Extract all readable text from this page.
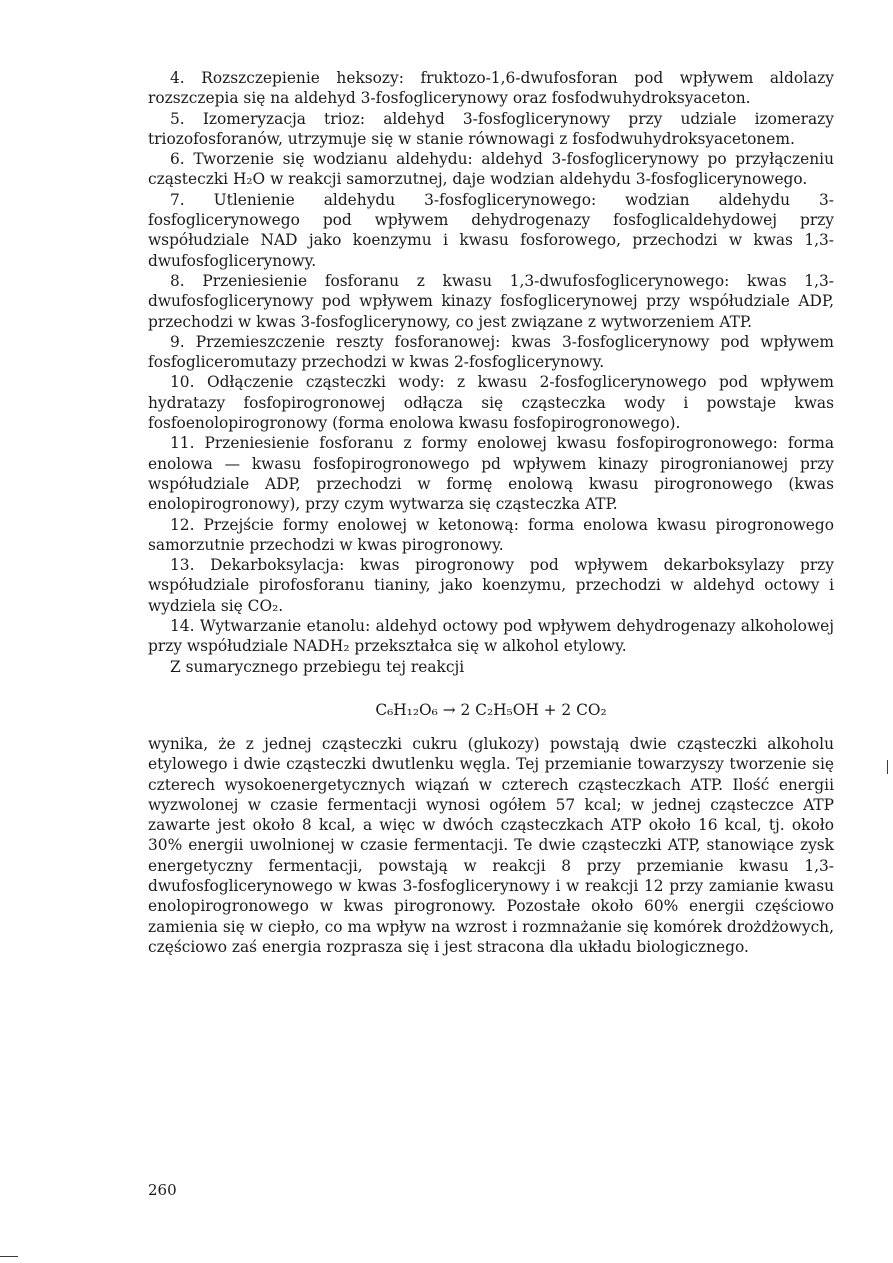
4. Rozszczepienie heksozy: fruktozo-1,6-dwufosforan pod wpływem aldolazy rozszczepia się na aldehyd 3-fosfoglicerynowy oraz fosfodwuhydroksyaceton.

5. Izomeryzacja trioz: aldehyd 3-fosfoglicerynowy przy udziale izomerazy triozofosforanów, utrzymuje się w stanie równowagi z fosfodwuhydroksyacetonem.

6. Tworzenie się wodzianu aldehydu: aldehyd 3-fosfoglicerynowy po przyłączeniu cząsteczki H₂O w reakcji samorzutnej, daje wodzian aldehydu 3-fosfoglicerynowego.

7. Utlenienie aldehydu 3-fosfoglicerynowego: wodzian aldehydu 3-fosfoglicerynowego pod wpływem dehydrogenazy fosfoglicaldehydowej przy współudziale NAD jako koenzymu i kwasu fosforowego, przechodzi w kwas 1,3-dwufosfoglicerynowy.

8. Przeniesienie fosforanu z kwasu 1,3-dwufosfoglicerynowego: kwas 1,3-dwufosfoglicerynowy pod wpływem kinazy fosfoglicerynowej przy współudziale ADP, przechodzi w kwas 3-fosfoglicerynowy, co jest związane z wytworzeniem ATP.

9. Przemieszczenie reszty fosforanowej: kwas 3-fosfoglicerynowy pod wpływem fosfogliceromutazy przechodzi w kwas 2-fosfoglicerynowy.

10. Odłączenie cząsteczki wody: z kwasu 2-fosfoglicerynowego pod wpływem hydratazy fosfopirogronowej odłącza się cząsteczka wody i powstaje kwas fosfoenolopirogronowy (forma enolowa kwasu fosfopirogronowego).

11. Przeniesienie fosforanu z formy enolowej kwasu fosfopirogronowego: forma enolowa — kwasu fosfopirogronowego pd wpływem kinazy pirogronianowej przy współudziale ADP, przechodzi w formę enolową kwasu pirogronowego (kwas enolopirogronowy), przy czym wytwarza się cząsteczka ATP.

12. Przejście formy enolowej w ketonową: forma enolowa kwasu pirogronowego samorzutnie przechodzi w kwas pirogronowy.

13. Dekarboksylacja: kwas pirogronowy pod wpływem dekarboksylazy przy współudziale pirofosforanu tianiny, jako koenzymu, przechodzi w aldehyd octowy i wydziela się CO₂.

14. Wytwarzanie etanolu: aldehyd octowy pod wpływem dehydrogenazy alkoholowej przy współudziale NADH₂ przekształca się w alkohol etylowy.

Z sumarycznego przebiegu tej reakcji

C₆H₁₂O₆ → 2 C₂H₅OH + 2 CO₂

wynika, że z jednej cząsteczki cukru (glukozy) powstają dwie cząsteczki alkoholu etylowego i dwie cząsteczki dwutlenku węgla. Tej przemianie towarzyszy tworzenie się czterech wysokoenergetycznych wiązań w czterech cząsteczkach ATP. Ilość energii wyzwolonej w czasie fermentacji wynosi ogółem 57 kcal; w jednej cząsteczce ATP zawarte jest około 8 kcal, a więc w dwóch cząsteczkach ATP około 16 kcal, tj. około 30% energii uwolnionej w czasie fermentacji. Te dwie cząsteczki ATP, stanowiące zysk energetyczny fermentacji, powstają w reakcji 8 przy przemianie kwasu 1,3-dwufosfoglicerynowego w kwas 3-fosfoglicerynowy i w reakcji 12 przy zamianie kwasu enolopirogronowego w kwas pirogronowy. Pozostałe około 60% energii częściowo zamienia się w ciepło, co ma wpływ na wzrost i rozmnażanie się komórek drożdżowych, częściowo zaś energia rozprasza się i jest stracona dla układu biologicznego.

260
